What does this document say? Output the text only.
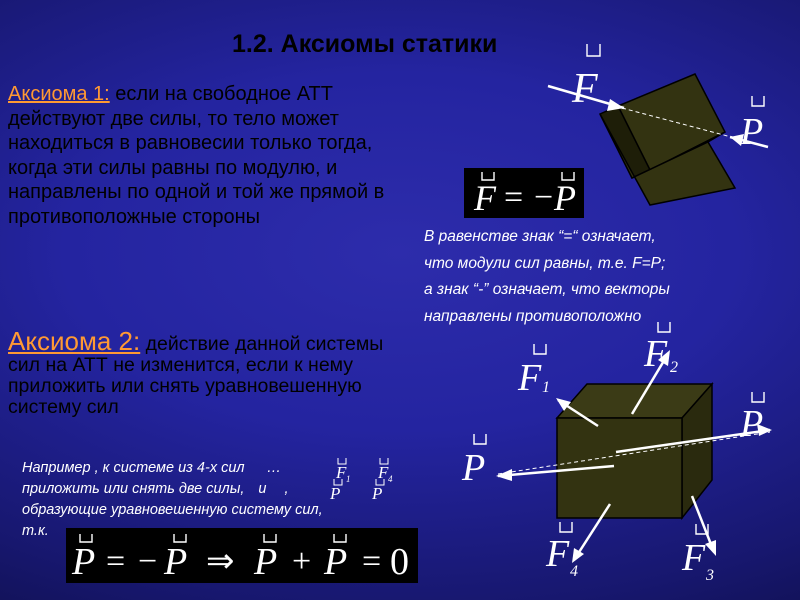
1.2. Аксиомы статики
Аксиома 1: если на свободное АТТ действуют две силы, то тело может находиться в равновесии только тогда, когда эти силы равны по модулю, и направлены по одной и той же прямой в противоположные стороны	F = − P
В равенстве знак “=“ означает,
что модули сил равны, т.е. F=P;
а знак “-” означает, что векторы
направлены противоположно
Аксиома 2: действие данной системы сил на АТТ не изменится, если к нему приложить или снять уравновешенную систему сил
Например , к системе из 4-х сил …
приложить или снять две силы, и ,
образующие уравновешенную систему сил,
т.к.
P = − P ⇒ P + P = 0
F
P
F 1
F 2
P
P
F 4	F 3
F 1 F 4
P P
